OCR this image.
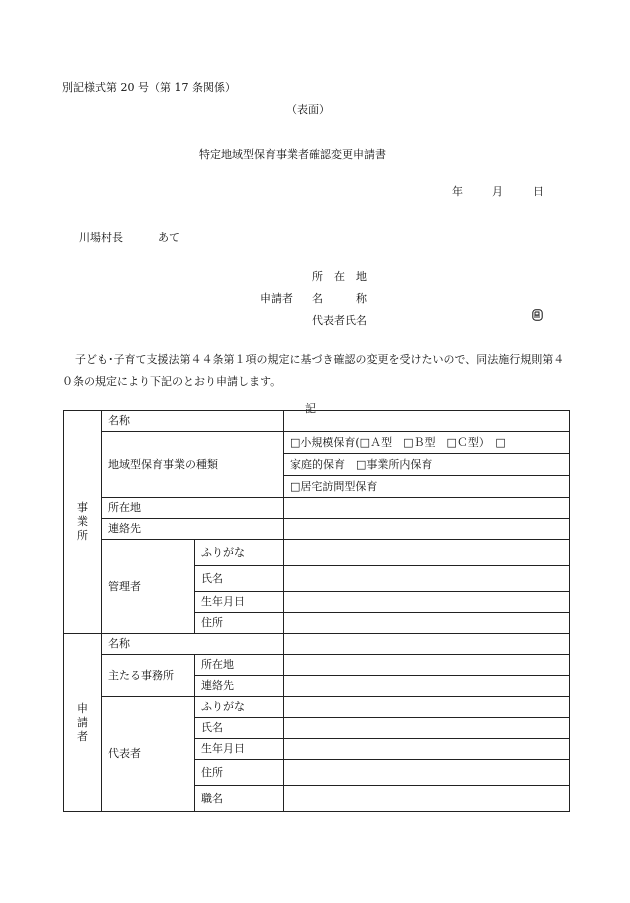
別記様式第 20 号（第 17 条関係）
（表面）
特定地域型保育事業者確認変更申請書
年	月	日
川場村長	あて
申請者
所　在　地
名　　　称
代表者氏名
子ども･子育て支援法第４４条第１項の規定に基づき確認の変更を受けたいので、同法施行規則第４０条の規定により下記のとおり申請します。
記
事業所	名称		
	地域型保育事業の種類		□小規模保育(□Ａ型　□Ｂ型　□Ｃ型）　□
			家庭的保育　□事業所内保育
			□居宅訪問型保育
	所在地		
	連絡先		
	管理者	ふりがな	
		氏名	
		生年月日	
		住所	
申請者	名称		
	主たる事務所	所在地	
		連絡先	
	代表者	ふりがな	
		氏名	
		生年月日	
		住所	
		職名	
